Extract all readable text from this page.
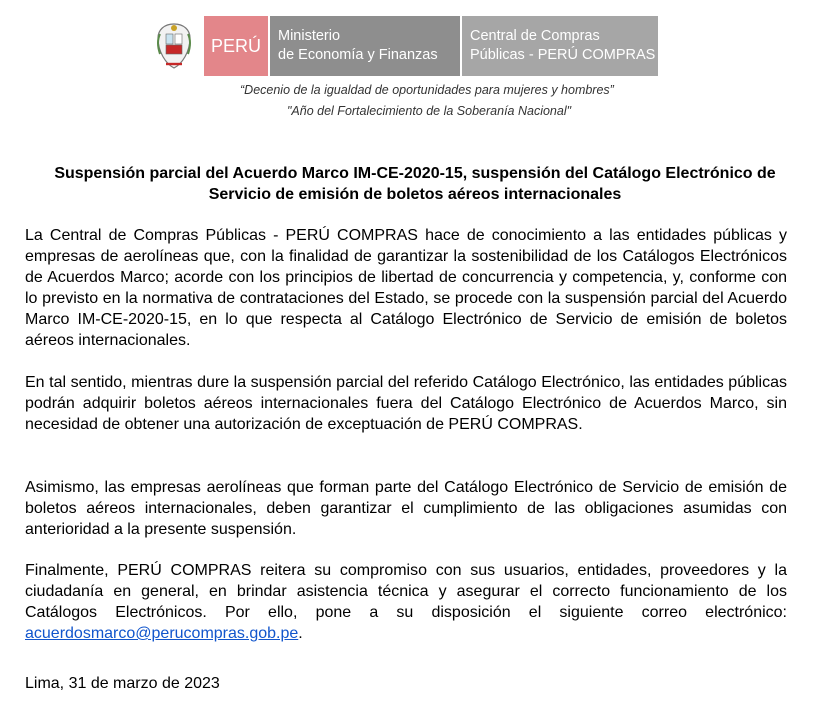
PERÚ Ministerio
de Economía y Finanzas
Central de Compras
Públicas - PERÚ COMPRAS
“Decenio de la igualdad de oportunidades para mujeres y hombres”
"Año del Fortalecimiento de la Soberanía Nacional"
Suspensión parcial del Acuerdo Marco IM-CE-2020-15, suspensión del Catálogo Electrónico de Servicio de emisión de boletos aéreos internacionales

La Central de Compras Públicas - PERÚ COMPRAS hace de conocimiento a las entidades públicas y empresas de aerolíneas que, con la finalidad de garantizar la sostenibilidad de los Catálogos Electrónicos de Acuerdos Marco; acorde con los principios de libertad de concurrencia y competencia, y, conforme con lo previsto en la normativa de contrataciones del Estado, se procede con la suspensión parcial del Acuerdo Marco IM-CE-2020-15, en lo que respecta al Catálogo Electrónico de Servicio de emisión de boletos aéreos internacionales.

En tal sentido, mientras dure la suspensión parcial del referido Catálogo Electrónico, las entidades públicas podrán adquirir boletos aéreos internacionales fuera del Catálogo Electrónico de Acuerdos Marco, sin necesidad de obtener una autorización de exceptuación de PERÚ COMPRAS.

Asimismo, las empresas aerolíneas que forman parte del Catálogo Electrónico de Servicio de emisión de boletos aéreos internacionales, deben garantizar el cumplimiento de las obligaciones asumidas con anterioridad a la presente suspensión.

Finalmente, PERÚ COMPRAS reitera su compromiso con sus usuarios, entidades, proveedores y la ciudadanía en general, en brindar asistencia técnica y asegurar el correcto funcionamiento de los Catálogos Electrónicos. Por ello, pone a su disposición el siguiente correo electrónico: acuerdosmarco@perucompras.gob.pe.

Lima, 31 de marzo de 2023
